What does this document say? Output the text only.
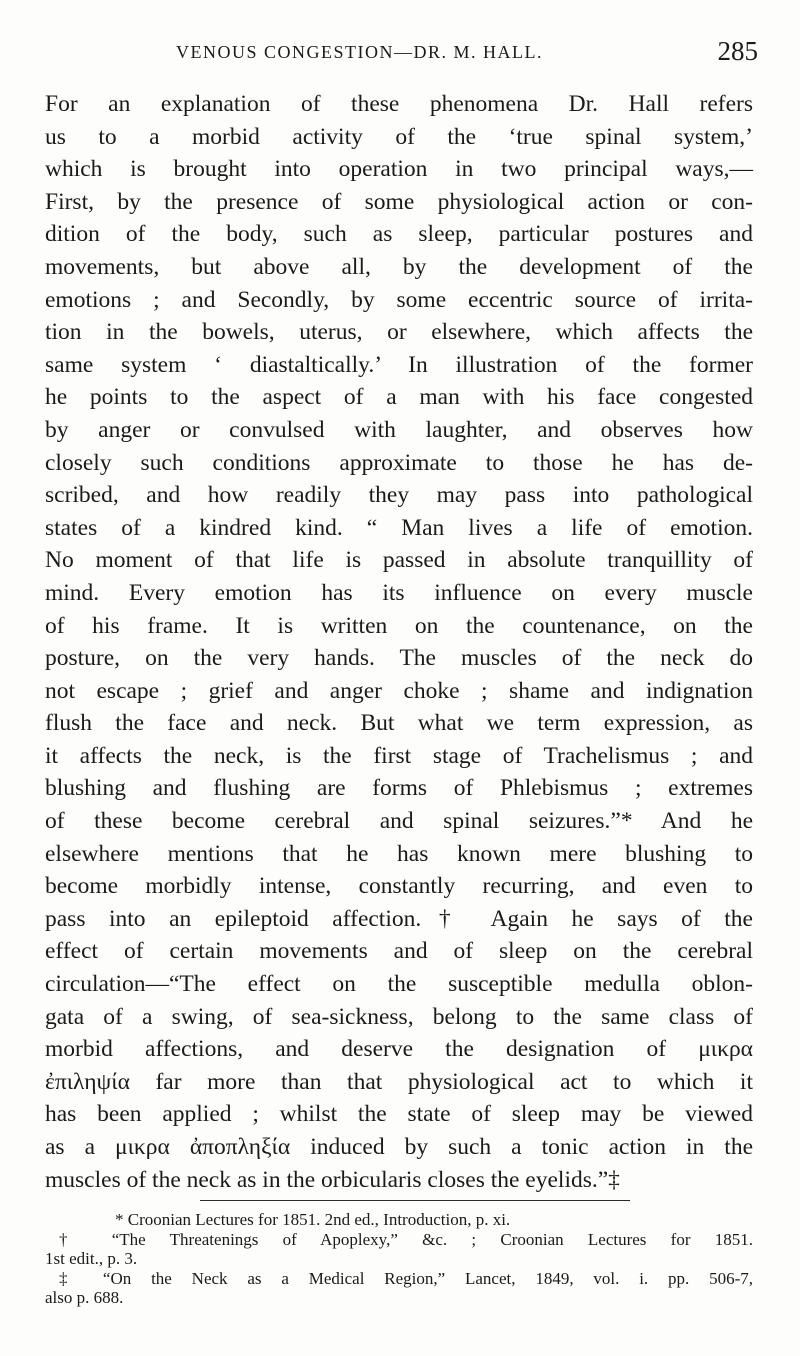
VENOUS CONGESTION—DR. M. HALL.	285
For an explanation of these phenomena Dr. Hall refers
us to a morbid activity of the ‘true spinal system,’
which is brought into operation in two principal ways,—
First, by the presence of some physiological action or con-
dition of the body, such as sleep, particular postures and
movements, but above all, by the development of the
emotions ; and Secondly, by some eccentric source of irrita-
tion in the bowels, uterus, or elsewhere, which affects the
same system ‘ diastaltically.’ In illustration of the former
he points to the aspect of a man with his face congested
by anger or convulsed with laughter, and observes how
closely such conditions approximate to those he has de-
scribed, and how readily they may pass into pathological
states of a kindred kind. “ Man lives a life of emotion.
No moment of that life is passed in absolute tranquillity of
mind. Every emotion has its influence on every muscle
of his frame. It is written on the countenance, on the
posture, on the very hands. The muscles of the neck do
not escape ; grief and anger choke ; shame and indignation
flush the face and neck. But what we term expression, as
it affects the neck, is the first stage of Trachelismus ; and
blushing and flushing are forms of Phlebismus ; extremes
of these become cerebral and spinal seizures.”* And he
elsewhere mentions that he has known mere blushing to
become morbidly intense, constantly recurring, and even to
pass into an epileptoid affection.† Again he says of the
effect of certain movements and of sleep on the cerebral
circulation—“The effect on the susceptible medulla oblon-
gata of a swing, of sea-sickness, belong to the same class of
morbid affections, and deserve the designation of μικρα
ἐπιληψία far more than that physiological act to which it
has been applied ; whilst the state of sleep may be viewed
as a μικρα ἀποπληξία induced by such a tonic action in the
muscles of the neck as in the orbicularis closes the eyelids.”‡
* Croonian Lectures for 1851. 2nd ed., Introduction, p. xi.
† “The Threatenings of Apoplexy,” &c. ; Croonian Lectures for 1851.
1st edit., p. 3.
‡ “On the Neck as a Medical Region,” Lancet, 1849, vol. i. pp. 506-7,
also p. 688.
